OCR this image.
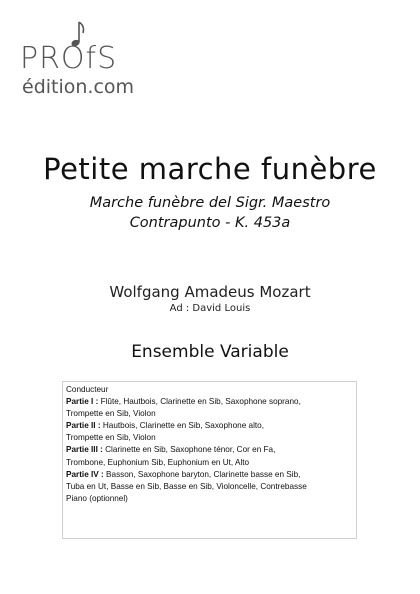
PROfS
édition.com
Petite marche funèbre
Marche funèbre del Sigr. Maestro
Contrapunto - K. 453a
Wolfgang Amadeus Mozart
Ad : David Louis
Ensemble Variable
Conducteur
Partie I : Flûte, Hautbois, Clarinette en Sib, Saxophone soprano,
Trompette en Sib, Violon
Partie II : Hautbois, Clarinette en Sib, Saxophone alto,
Trompette en Sib, Violon
Partie III : Clarinette en Sib, Saxophone ténor, Cor en Fa,
Trombone, Euphonium Sib, Euphonium en Ut, Alto
Partie IV : Basson, Saxophone baryton, Clarinette basse en Sib,
Tuba en Ut, Basse en Sib, Basse en Sib, Violoncelle, Contrebasse
Piano (optionnel)
